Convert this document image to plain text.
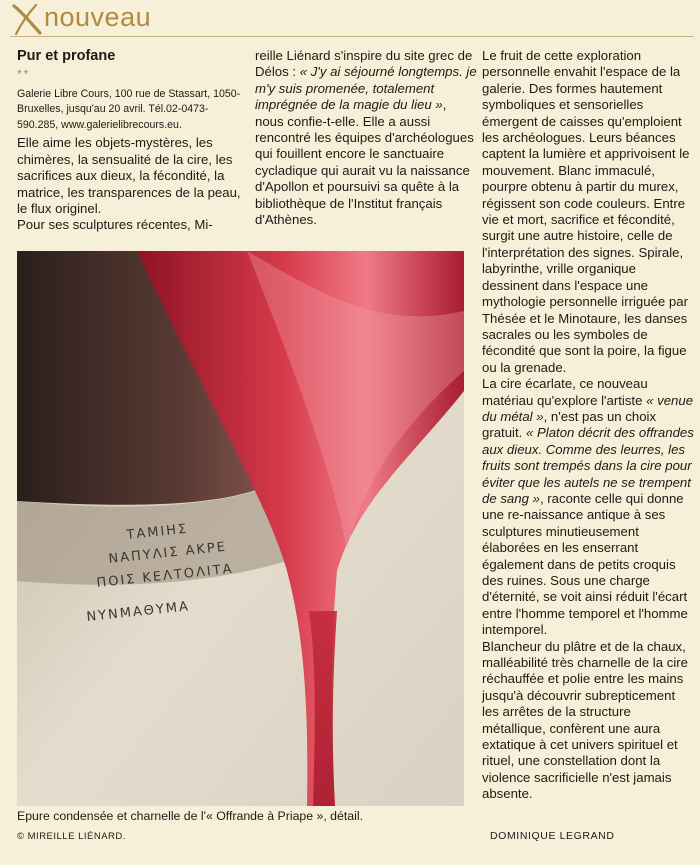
nouveau
Pur et profane
**
Galerie Libre Cours, 100 rue de Stassart, 1050-Bruxelles, jusqu'au 20 avril. Tél.02-0473-590.285, www.galerielibrecours.eu.

Elle aime les objets-mystères, les chimères, la sensualité de la cire, les sacrifices aux dieux, la fécondité, la matrice, les transparences de la peau, le flux originel.

Pour ses sculptures récentes, Mi-

reille Liénard s'inspire du site grec de Délos : « J'y ai séjourné longtemps. je m'y suis promenée, totalement imprégnée de la magie du lieu », nous confie-t-elle. Elle a aussi rencontré les équipes d'archéologues qui fouillent encore le sanctuaire cycladique qui aurait vu la naissance d'Apollon et poursuivi sa quête à la bibliothèque de l'Institut français d'Athènes.

Le fruit de cette exploration personnelle envahit l'espace de la galerie. Des formes hautement symboliques et sensorielles émergent de caisses qu'emploient les archéologues. Leurs béances captent la lumière et apprivoisent le mouvement. Blanc immaculé, pourpre obtenu à partir du murex, régissent son code couleurs. Entre vie et mort, sacrifice et fécondité, surgit une autre histoire, celle de l'interprétation des signes. Spirale, labyrinthe, vrille organique dessinent dans l'espace une mythologie personnelle irriguée par Thésée et le Minotaure, les danses sacrales ou les symboles de fécondité que sont la poire, la figue ou la grenade.

La cire écarlate, ce nouveau matériau qu'explore l'artiste « venue du métal », n'est pas un choix gratuit. « Platon décrit des offrandes aux dieux. Comme des leurres, les fruits sont trempés dans la cire pour éviter que les autels ne se trempent de sang », raconte celle qui donne une re-naissance antique à ses sculptures minutieusement élaborées en les enserrant également dans de petits croquis des ruines. Sous une charge d'éternité, se voit ainsi réduit l'écart entre l'homme temporel et l'homme intemporel.

Blancheur du plâtre et de la chaux, malléabilité très charnelle de la cire réchauffée et polie entre les mains jusqu'à découvrir subrepticement les arrêtes de la structure métallique, confèrent une aura extatique à cet univers spirituel et rituel, une constellation dont la violence sacrificielle n'est jamais absente.

ΤΑΜΙΗΣ
ΝΑΠΥΛΙΣ ΑΚΡΕ
ΠΟΙΣ ΚΕΛΤΟΛΙΤΑ
ΝΥΝΜΑΘΥΜΑ
Epure condensée et charnelle de l'« Offrande à Priape », détail.
© MIREILLE LIÉNARD.	DOMINIQUE LEGRAND
